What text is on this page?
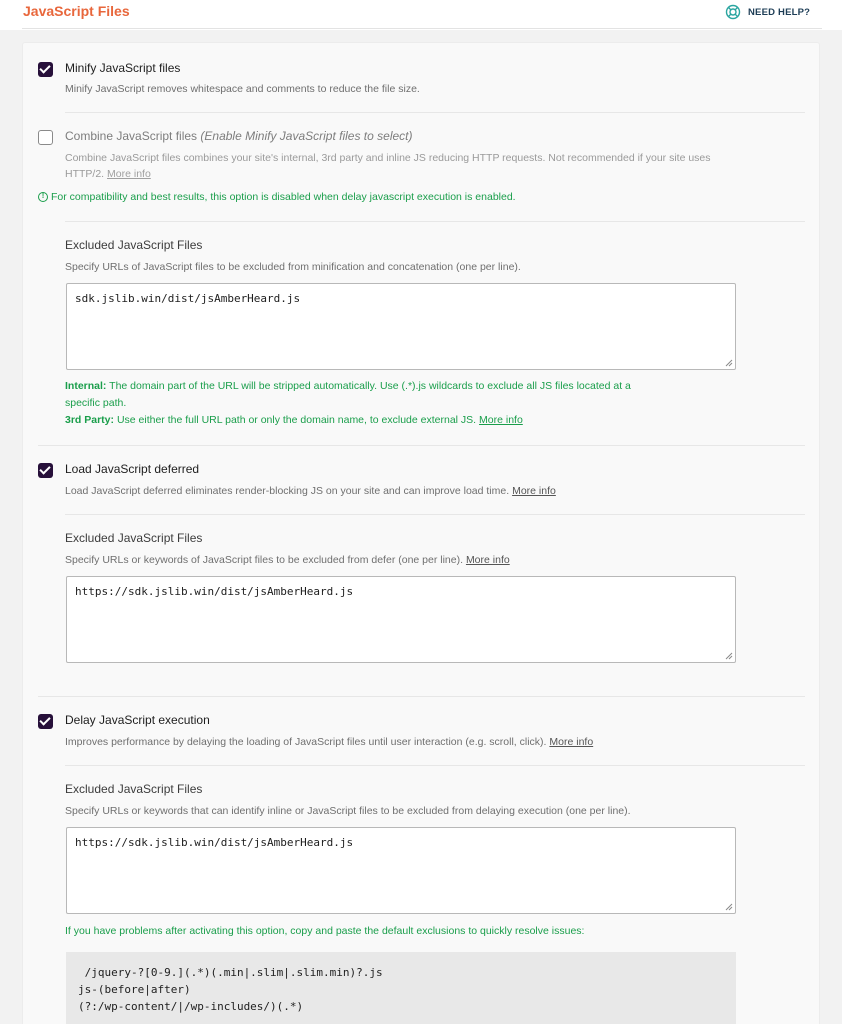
JavaScript Files	NEED HELP?
Minify JavaScript files
Minify JavaScript removes whitespace and comments to reduce the file size.
Combine JavaScript files (Enable Minify JavaScript files to select)
Combine JavaScript files combines your site's internal, 3rd party and inline JS reducing HTTP requests. Not recommended if your site uses
HTTP/2. More info
! For compatibility and best results, this option is disabled when delay javascript execution is enabled.
Excluded JavaScript Files
Specify URLs of JavaScript files to be excluded from minification and concatenation (one per line).
sdk.jslib.win/dist/jsAmberHeard.js
Internal: The domain part of the URL will be stripped automatically. Use (.*).js wildcards to exclude all JS files located at a
specific path.
3rd Party: Use either the full URL path or only the domain name, to exclude external JS. More info
Load JavaScript deferred
Load JavaScript deferred eliminates render-blocking JS on your site and can improve load time. More info
Excluded JavaScript Files
Specify URLs or keywords of JavaScript files to be excluded from defer (one per line). More info
https://sdk.jslib.win/dist/jsAmberHeard.js
Delay JavaScript execution
Improves performance by delaying the loading of JavaScript files until user interaction (e.g. scroll, click). More info
Excluded JavaScript Files
Specify URLs or keywords that can identify inline or JavaScript files to be excluded from delaying execution (one per line).
https://sdk.jslib.win/dist/jsAmberHeard.js
If you have problems after activating this option, copy and paste the default exclusions to quickly resolve issues:
/jquery-?[0-9.](.*)(.min|.slim|.slim.min)?.js
js-(before|after)
(?:/wp-content/|/wp-includes/)(.*)
